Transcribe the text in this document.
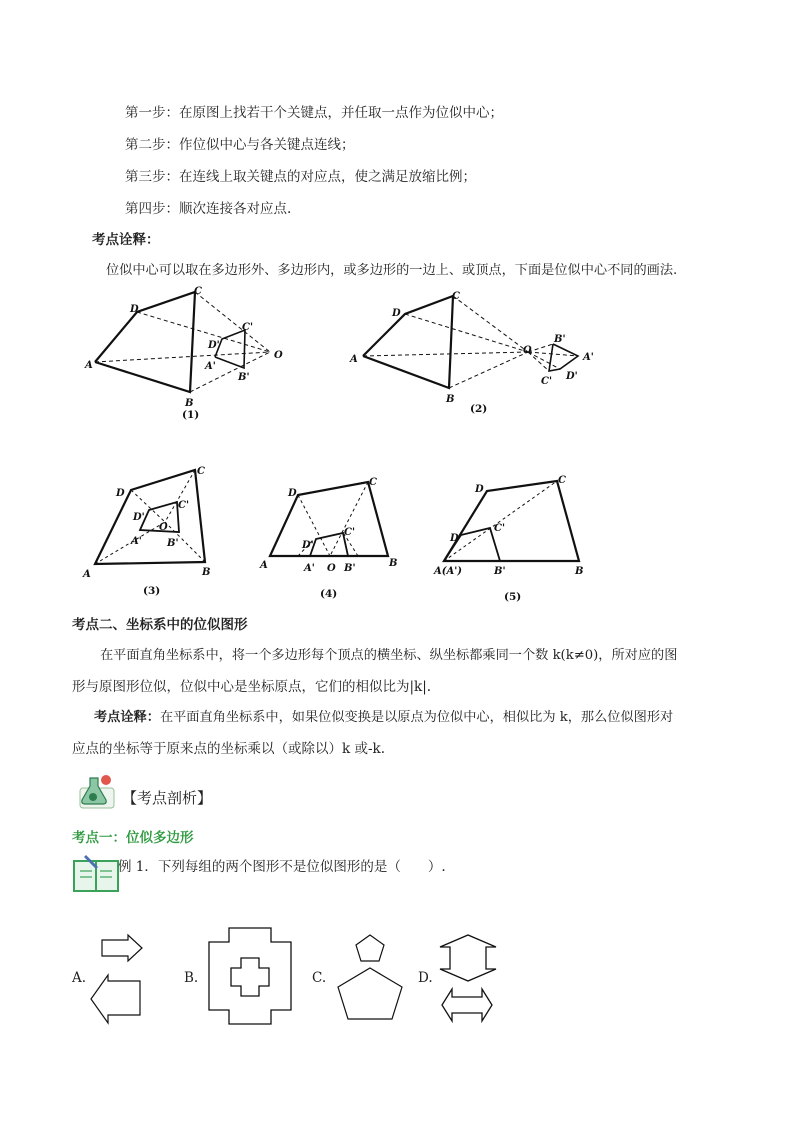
第一步：在原图上找若干个关键点，并任取一点作为位似中心；
第二步：作位似中心与各关键点连线；
第三步：在连线上取关键点的对应点，使之满足放缩比例；
第四步：顺次连接各对应点.
考点诠释：
位似中心可以取在多边形外、多边形内，或多边形的一边上、或顶点，下面是位似中心不同的画法.
A
D
C
B
O
C'
D'
A'
B'
(1)
A
D
C
B
O
B'
A'
D'
C'
(2)
A
D
C
B
O
C'
D'
A'	B'
(3)
A
D
C
B
O
C'
D'
A'	B'
(4)
A(A')
D
C
B
C'
D'
B'
(5)
考点二、坐标系中的位似图形
在平面直角坐标系中，将一个多边形每个顶点的横坐标、纵坐标都乘同一个数 k(k≠0)，所对应的图
形与原图形位似，位似中心是坐标原点，它们的相似比为|k|.
考点诠释：在平面直角坐标系中，如果位似变换是以原点为位似中心，相似比为 k，那么位似图形对
应点的坐标等于原来点的坐标乘以（或除以）k 或-k.
【考点剖析】
考点一：位似多边形
例 1．下列每组的两个图形不是位似图形的是（　　）.
A.	B.	C.	D.
